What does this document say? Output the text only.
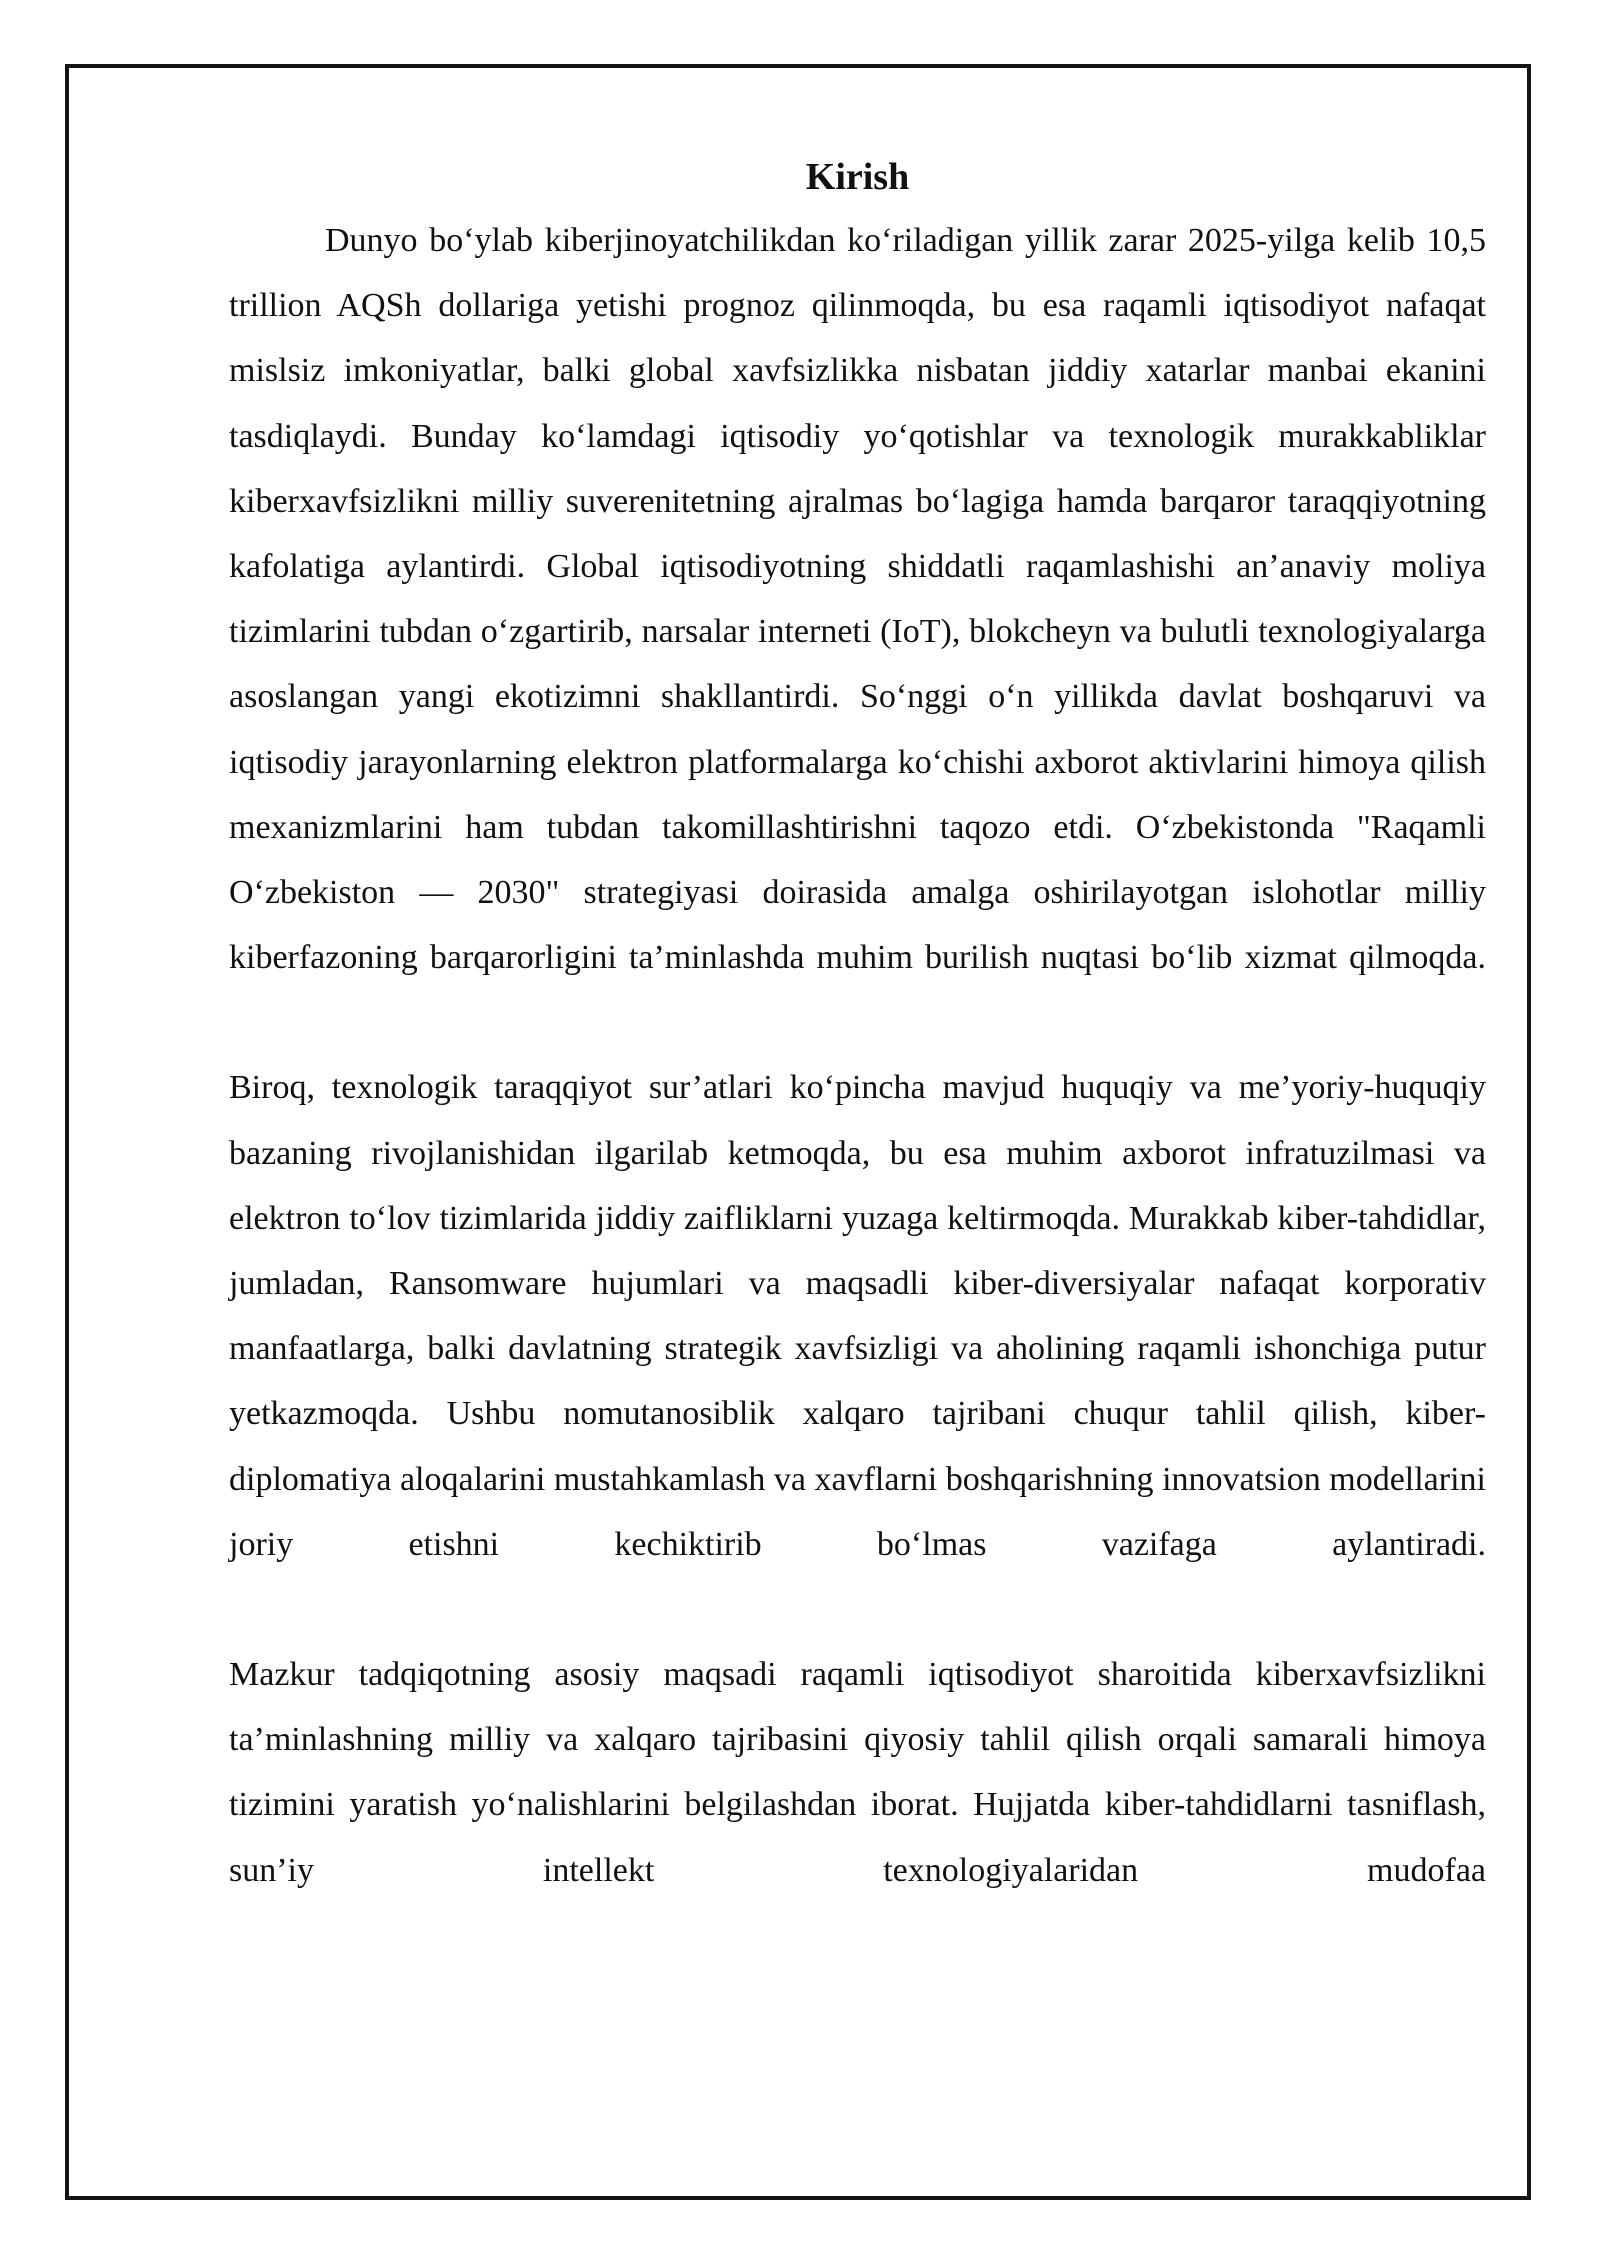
Kirish

Dunyo bo‘ylab kiberjinoyatchilikdan ko‘riladigan yillik zarar 2025-yilga kelib 10,5 trillion AQSh dollariga yetishi prognoz qilinmoqda, bu esa raqamli iqtisodiyot nafaqat mislsiz imkoniyatlar, balki global xavfsizlikka nisbatan jiddiy xatarlar manbai ekanini tasdiqlaydi. Bunday ko‘lamdagi iqtisodiy yo‘qotishlar va texnologik murakkabliklar kiberxavfsizlikni milliy suverenitetning ajralmas bo‘lagiga hamda barqaror taraqqiyotning kafolatiga aylantirdi. Global iqtisodiyotning shiddatli raqamlashishi an’anaviy moliya tizimlarini tubdan o‘zgartirib, narsalar interneti (IoT), blokcheyn va bulutli texnologiyalarga asoslangan yangi ekotizimni shakllantirdi. So‘nggi o‘n yillikda davlat boshqaruvi va iqtisodiy jarayonlarning elektron platformalarga ko‘chishi axborot aktivlarini himoya qilish mexanizmlarini ham tubdan takomillashtirishni taqozo etdi. O‘zbekistonda "Raqamli O‘zbekiston — 2030" strategiyasi doirasida amalga oshirilayotgan islohotlar milliy kiberfazoning barqarorligini ta’minlashda muhim burilish nuqtasi bo‘lib xizmat qilmoqda.

Biroq, texnologik taraqqiyot sur’atlari ko‘pincha mavjud huquqiy va me’yoriy-huquqiy bazaning rivojlanishidan ilgarilab ketmoqda, bu esa muhim axborot infratuzilmasi va elektron to‘lov tizimlarida jiddiy zaifliklarni yuzaga keltirmoqda. Murakkab kiber-tahdidlar, jumladan, Ransomware hujumlari va maqsadli kiber-diversiyalar nafaqat korporativ manfaatlarga, balki davlatning strategik xavfsizligi va aholining raqamli ishonchiga putur yetkazmoqda. Ushbu nomutanosiblik xalqaro tajribani chuqur tahlil qilish, kiber-diplomatiya aloqalarini mustahkamlash va xavflarni boshqarishning innovatsion modellarini joriy etishni kechiktirib bo‘lmas vazifaga aylantiradi.

Mazkur tadqiqotning asosiy maqsadi raqamli iqtisodiyot sharoitida kiberxavfsizlikni ta’minlashning milliy va xalqaro tajribasini qiyosiy tahlil qilish orqali samarali himoya tizimini yaratish yo‘nalishlarini belgilashdan iborat. Hujjatda kiber-tahdidlarni tasniflash, sun’iy intellekt texnologiyalaridan mudofaa
